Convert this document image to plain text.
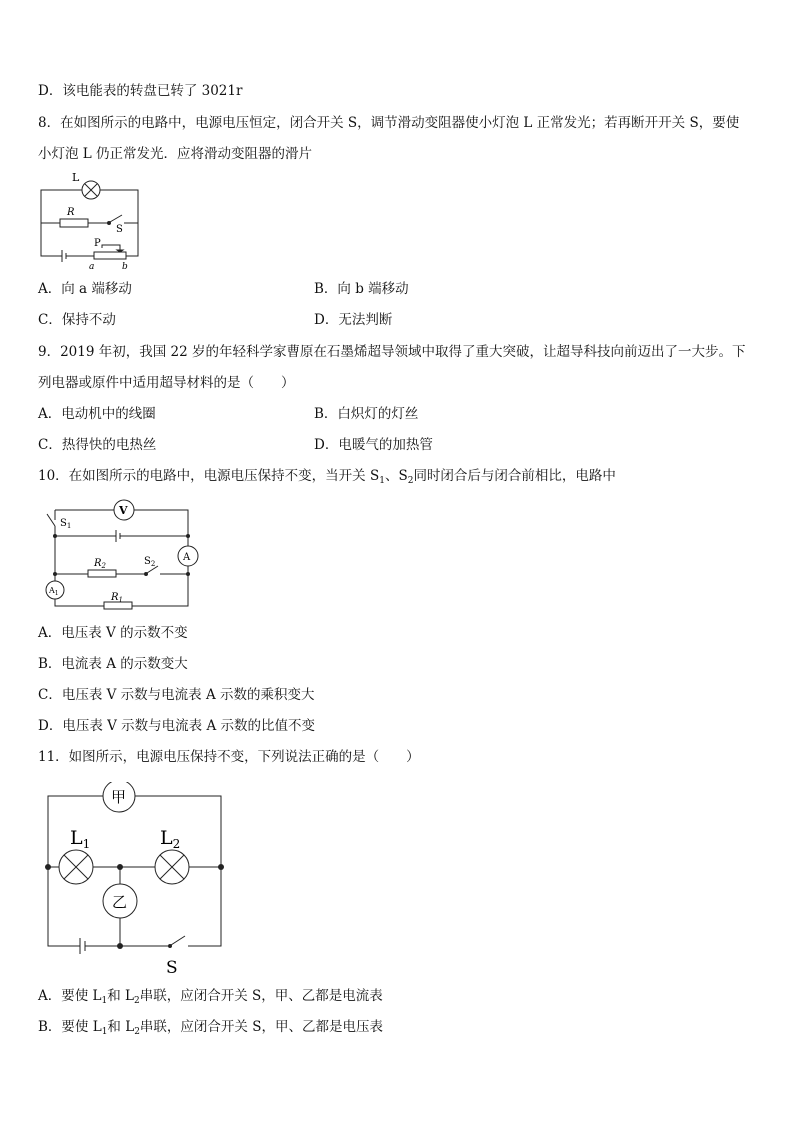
D．该电能表的转盘已转了 3021r
8．在如图所示的电路中，电源电压恒定，闭合开关 S，调节滑动变阻器使小灯泡 L 正常发光；若再断开开关 S，要使
小灯泡 L 仍正常发光．应将滑动变阻器的滑片
L
R
S
P
a	b
A．向 a 端移动	B．向 b 端移动
C．保持不动	D．无法判断
9．2019 年初，我国 22 岁的年轻科学家曹原在石墨烯超导领域中取得了重大突破，让超导科技向前迈出了一大步。下
列电器或原件中适用超导材料的是（　　）
A．电动机中的线圈	B．白炽灯的灯丝
C．热得快的电热丝	D．电暖气的加热管
10．在如图所示的电路中，电源电压保持不变，当开关 $S_1$、$S_2$同时闭合后与闭合前相比，电路中
V
A
$S_1$
$S_2$
$R_2$
$R_1$
$A_1$
A．电压表 V 的示数不变
B．电流表 A 的示数变大
C．电压表 V 示数与电流表 A 示数的乘积变大
D．电压表 V 示数与电流表 A 示数的比值不变
11．如图所示，电源电压保持不变，下列说法正确的是（　　）
甲
乙
$L_1$	$L_2$
S
A．要使 $L_1$和 $L_2$串联，应闭合开关 S，甲、乙都是电流表
B．要使 $L_1$和 $L_2$串联，应闭合开关 S，甲、乙都是电压表
